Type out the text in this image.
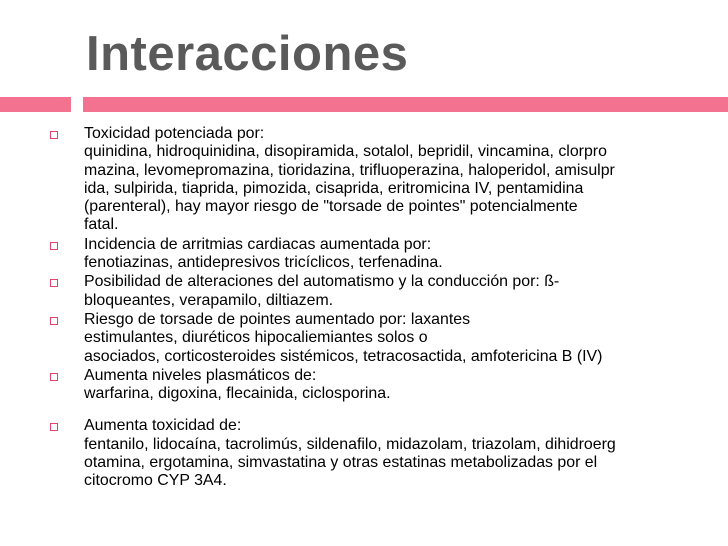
Interacciones
Toxicidad potenciada por:
quinidina, hidroquinidina, disopiramida, sotalol, bepridil, vincamina, clorpro
mazina, levomepromazina, tioridazina, trifluoperazina, haloperidol, amisulpr
ida, sulpirida, tiaprida, pimozida, cisaprida, eritromicina IV, pentamidina
(parenteral), hay mayor riesgo de "torsade de pointes" potencialmente
fatal.
Incidencia de arritmias cardiacas aumentada por:
fenotiazinas, antidepresivos tricíclicos, terfenadina.
Posibilidad de alteraciones del automatismo y la conducción por: ß-
bloqueantes, verapamilo, diltiazem.
Riesgo de torsade de pointes aumentado por: laxantes
estimulantes, diuréticos hipocaliemiantes solos o
asociados, corticosteroides sistémicos, tetracosactida, amfotericina B (IV)
Aumenta niveles plasmáticos de:
warfarina, digoxina, flecainida, ciclosporina.
Aumenta toxicidad de:
fentanilo, lidocaína, tacrolimús, sildenafilo, midazolam, triazolam, dihidroerg
otamina, ergotamina, simvastatina y otras estatinas metabolizadas por el
citocromo CYP 3A4.
